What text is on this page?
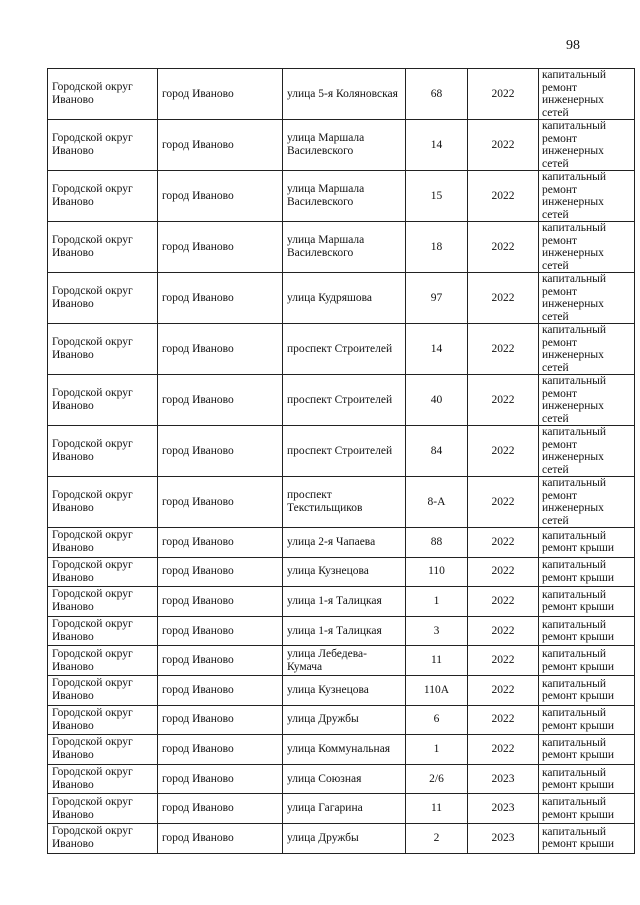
98
Городской округ Иваново	город Иваново	улица 5-я Коляновская	68	2022	капитальный ремонт инженерных сетей
Городской округ Иваново	город Иваново	улица Маршала Василевского	14	2022	капитальный ремонт инженерных сетей
Городской округ Иваново	город Иваново	улица Маршала Василевского	15	2022	капитальный ремонт инженерных сетей
Городской округ Иваново	город Иваново	улица Маршала Василевского	18	2022	капитальный ремонт инженерных сетей
Городской округ Иваново	город Иваново	улица Кудряшова	97	2022	капитальный ремонт инженерных сетей
Городской округ Иваново	город Иваново	проспект Строителей	14	2022	капитальный ремонт инженерных сетей
Городской округ Иваново	город Иваново	проспект Строителей	40	2022	капитальный ремонт инженерных сетей
Городской округ Иваново	город Иваново	проспект Строителей	84	2022	капитальный ремонт инженерных сетей
Городской округ Иваново	город Иваново	проспект Текстильщиков	8-А	2022	капитальный ремонт инженерных сетей
Городской округ Иваново	город Иваново	улица 2-я Чапаева	88	2022	капитальный ремонт крыши
Городской округ Иваново	город Иваново	улица Кузнецова	110	2022	капитальный ремонт крыши
Городской округ Иваново	город Иваново	улица 1-я Талицкая	1	2022	капитальный ремонт крыши
Городской округ Иваново	город Иваново	улица 1-я Талицкая	3	2022	капитальный ремонт крыши
Городской округ Иваново	город Иваново	улица Лебедева-Кумача	11	2022	капитальный ремонт крыши
Городской округ Иваново	город Иваново	улица Кузнецова	110А	2022	капитальный ремонт крыши
Городской округ Иваново	город Иваново	улица Дружбы	6	2022	капитальный ремонт крыши
Городской округ Иваново	город Иваново	улица Коммунальная	1	2022	капитальный ремонт крыши
Городской округ Иваново	город Иваново	улица Союзная	2/6	2023	капитальный ремонт крыши
Городской округ Иваново	город Иваново	улица Гагарина	11	2023	капитальный ремонт крыши
Городской округ Иваново	город Иваново	улица Дружбы	2	2023	капитальный ремонт крыши
